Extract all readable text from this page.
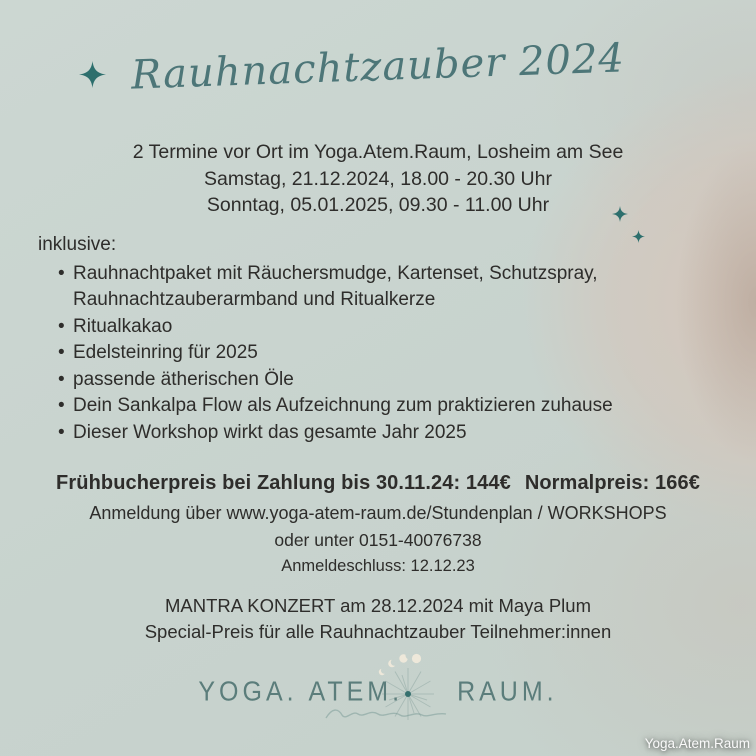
Rauhnachtzauber 2024
2 Termine vor Ort im Yoga.Atem.Raum, Losheim am See
Samstag, 21.12.2024, 18.00 - 20.30 Uhr
Sonntag, 05.01.2025, 09.30 - 11.00 Uhr

inklusive:

• Rauhnachtpaket mit Räuchersmudge, Kartenset, Schutzspray, Rauhnachtzauberarmband und Ritualkerze
• Ritualkakao
• Edelsteinring für 2025
• passende ätherischen Öle
• Dein Sankalpa Flow als Aufzeichnung zum praktizieren zuhause
• Dieser Workshop wirkt das gesamte Jahr 2025
Frühbucherpreis bei Zahlung bis 30.11.24: 144€ Normalpreis: 166€
Anmeldung über www.yoga-atem-raum.de/Stundenplan / WORKSHOPS
oder unter 0151-40076738
Anmeldeschluss: 12.12.23
MANTRA KONZERT am 28.12.2024 mit Maya Plum
Special-Preis für alle Rauhnachtzauber Teilnehmer:innen
YOGA.
ATEM. RAUM.
Yoga.Atem.Raum
